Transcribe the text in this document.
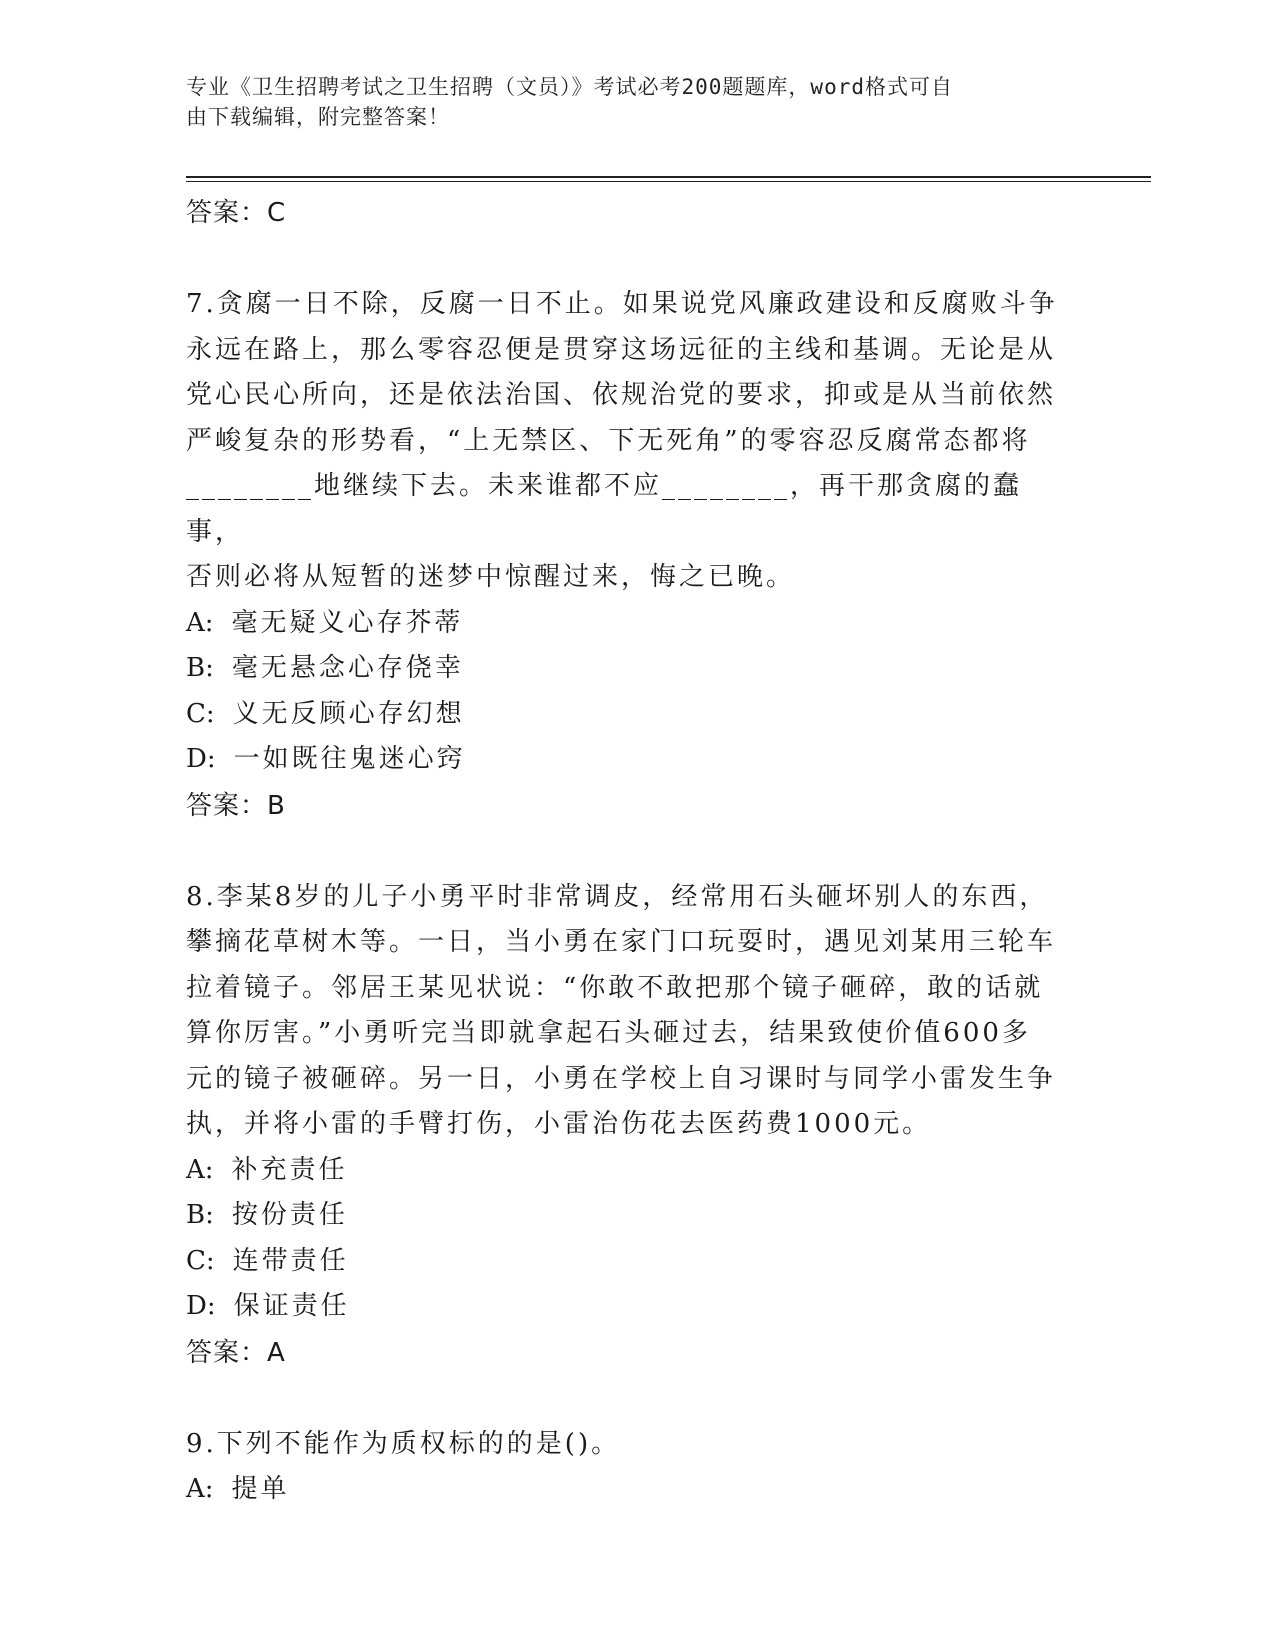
专业《卫生招聘考试之卫生招聘（文员）》考试必考200题题库，word格式可自
由下载编辑，附完整答案！

答案：C

7.贪腐一日不除，反腐一日不止。如果说党风廉政建设和反腐败斗争

永远在路上，那么零容忍便是贯穿这场远征的主线和基调。无论是从

党心民心所向，还是依法治国、依规治党的要求，抑或是从当前依然

严峻复杂的形势看，“上无禁区、下无死角”的零容忍反腐常态都将

________地继续下去。未来谁都不应________，再干那贪腐的蠢事，

否则必将从短暂的迷梦中惊醒过来，悔之已晚。

A: 毫无疑义心存芥蒂

B: 毫无悬念心存侥幸

C: 义无反顾心存幻想

D: 一如既往鬼迷心窍

答案：B

8.李某8岁的儿子小勇平时非常调皮，经常用石头砸坏别人的东西，

攀摘花草树木等。一日，当小勇在家门口玩耍时，遇见刘某用三轮车

拉着镜子。邻居王某见状说：“你敢不敢把那个镜子砸碎，敢的话就

算你厉害。”小勇听完当即就拿起石头砸过去，结果致使价值600多

元的镜子被砸碎。另一日，小勇在学校上自习课时与同学小雷发生争

执，并将小雷的手臂打伤，小雷治伤花去医药费1000元。

A: 补充责任

B: 按份责任

C: 连带责任

D: 保证责任

答案：A

9.下列不能作为质权标的的是()。

A: 提单
